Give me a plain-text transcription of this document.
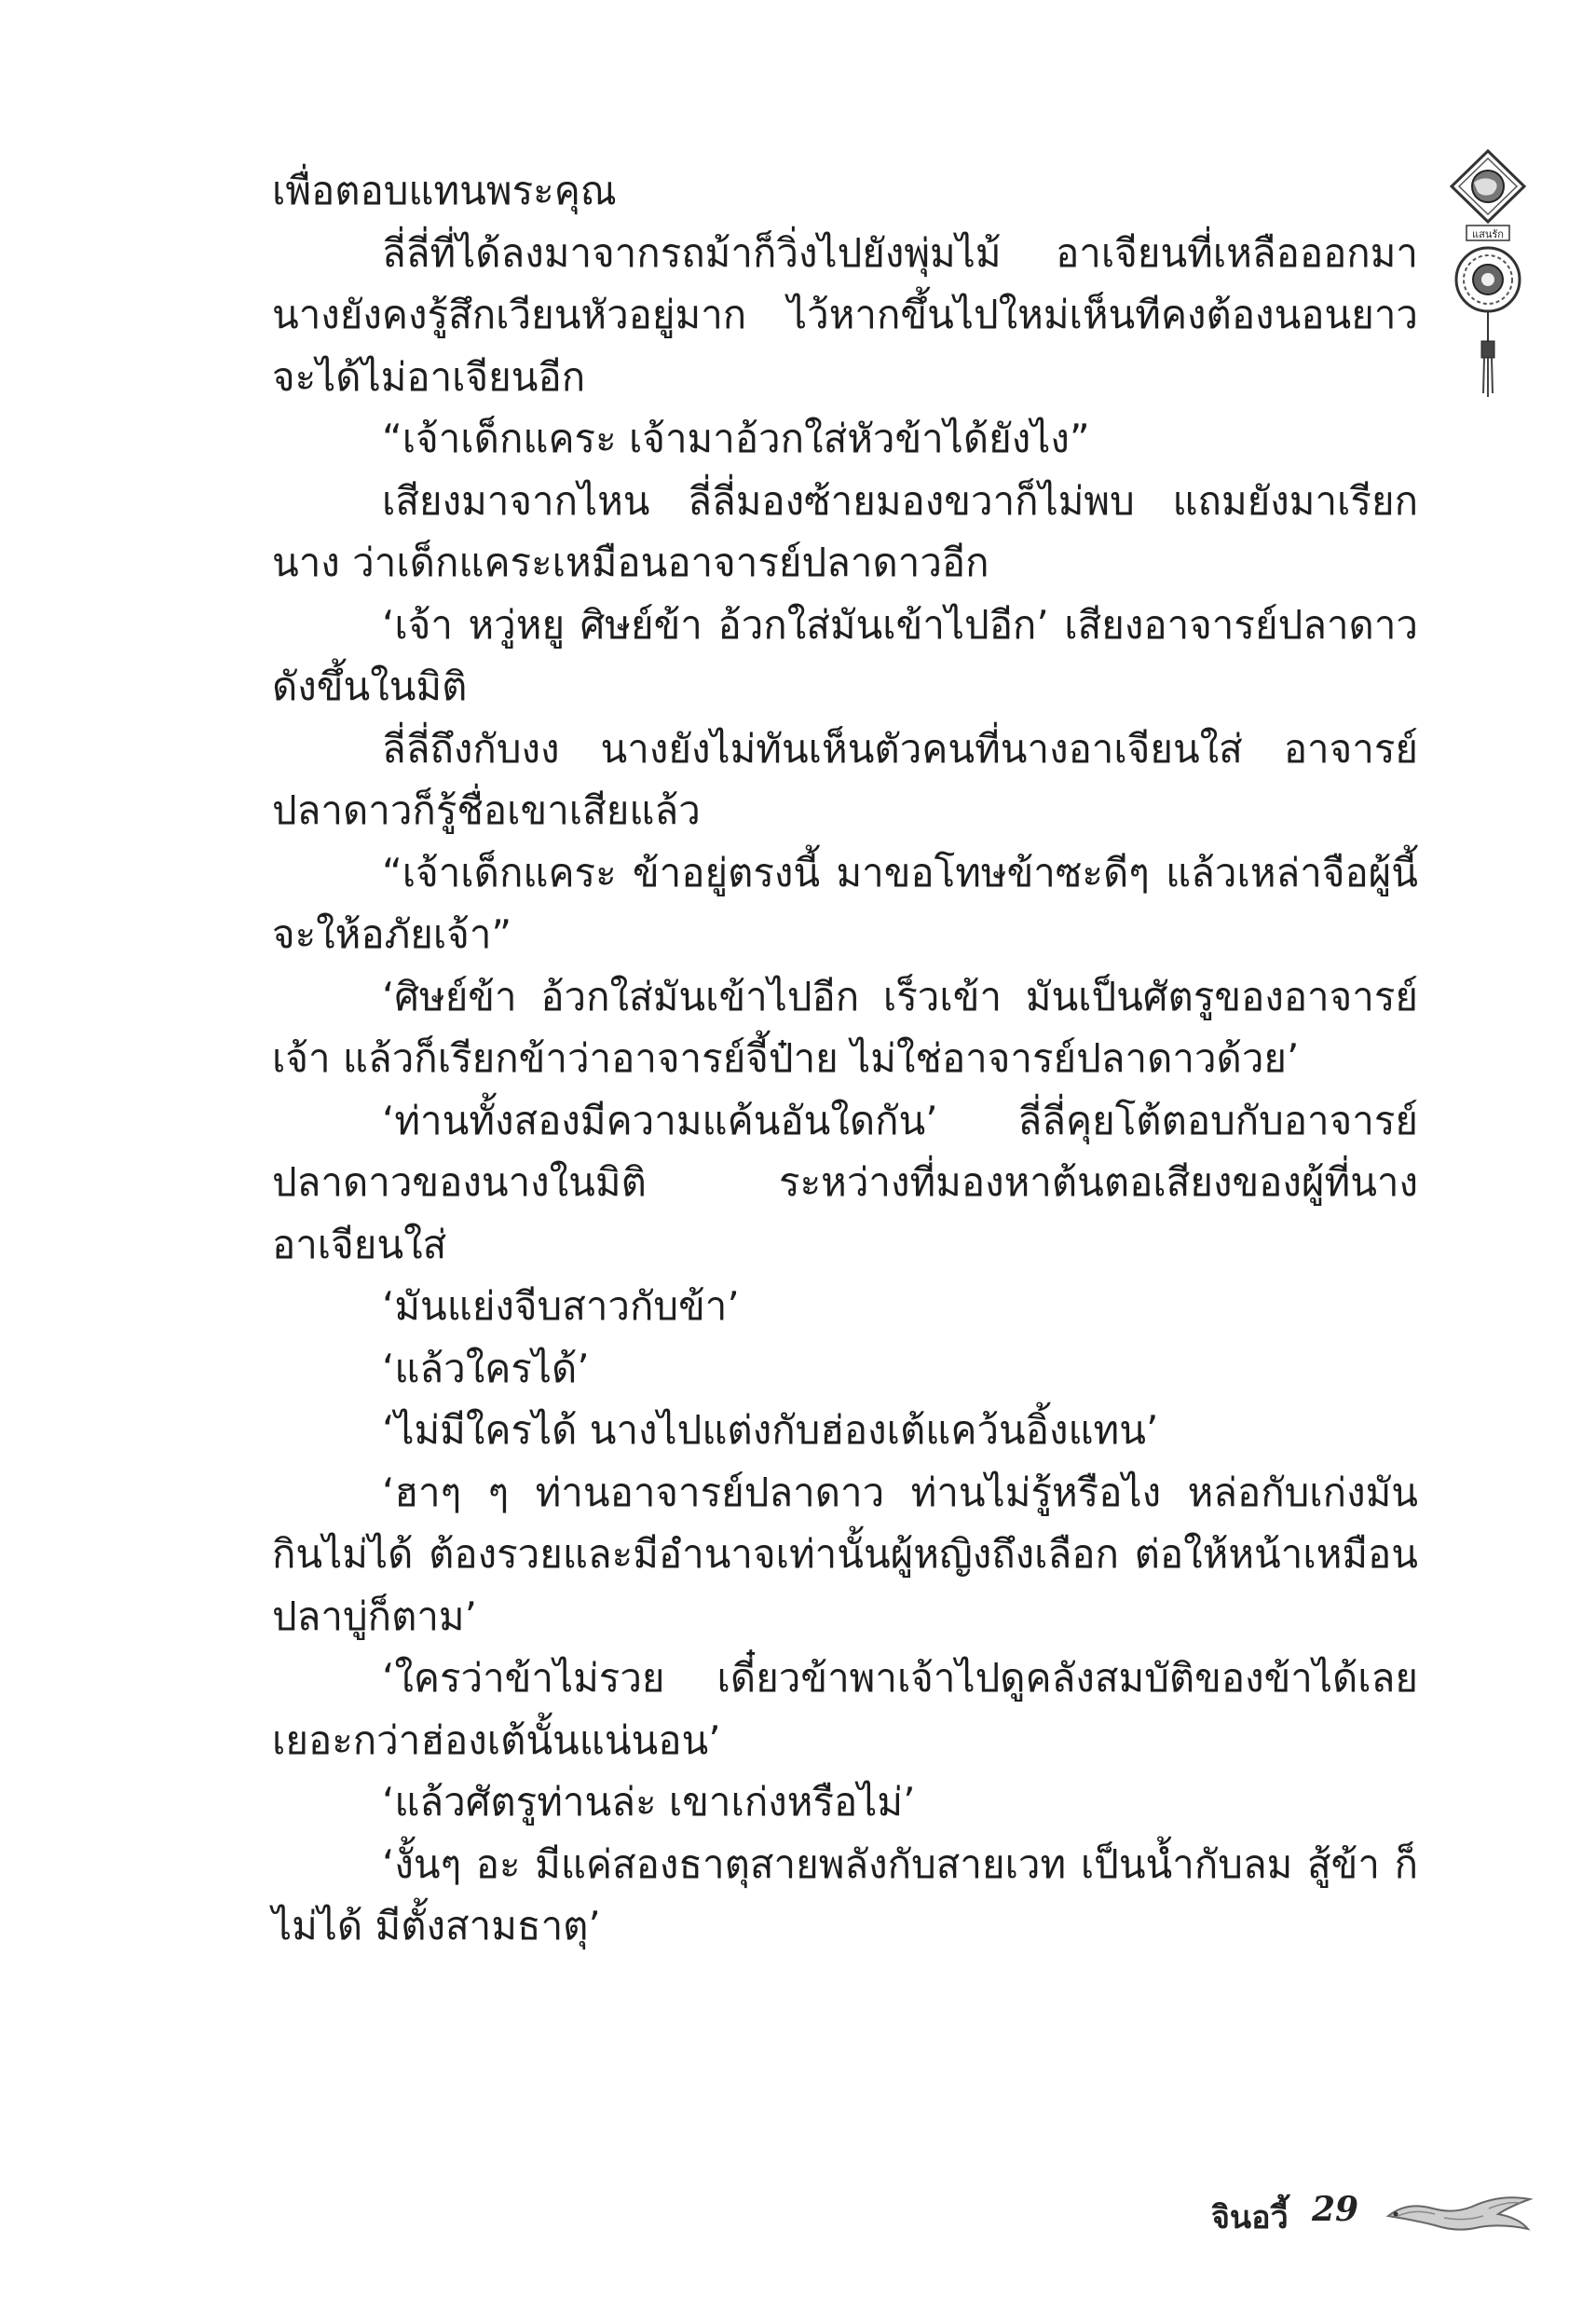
เพื่อตอบแทนพระคุณ

ลี่ลี่ที่ได้ลงมาจากรถม้าก็วิ่งไปยังพุ่มไม้ อาเจียนที่เหลือออกมา นางยังคงรู้สึกเวียนหัวอยู่มาก ไว้หากขึ้นไปใหม่เห็นทีคงต้องนอนยาว จะได้ไม่อาเจียนอีก

“เจ้าเด็กแคระ เจ้ามาอ้วกใส่หัวข้าได้ยังไง”

เสียงมาจากไหน ลี่ลี่มองซ้ายมองขวาก็ไม่พบ แถมยังมาเรียกนาง ว่าเด็กแคระเหมือนอาจารย์ปลาดาวอีก

‘เจ้า หวู่หยู ศิษย์ข้า อ้วกใส่มันเข้าไปอีก’ เสียงอาจารย์ปลาดาว ดังขึ้นในมิติ

ลี่ลี่ถึงกับงง นางยังไม่ทันเห็นตัวคนที่นางอาเจียนใส่ อาจารย์ ปลาดาวก็รู้ชื่อเขาเสียแล้ว

“เจ้าเด็กแคระ ข้าอยู่ตรงนี้ มาขอโทษข้าซะดีๆ แล้วเหล่าจือผู้นี้ จะให้อภัยเจ้า”

‘ศิษย์ข้า อ้วกใส่มันเข้าไปอีก เร็วเข้า มันเป็นศัตรูของอาจารย์เจ้า แล้วก็เรียกข้าว่าอาจารย์จี้ป๋าย ไม่ใช่อาจารย์ปลาดาวด้วย’

‘ท่านทั้งสองมีความแค้นอันใดกัน’ ลี่ลี่คุยโต้ตอบกับอาจารย์ ปลาดาวของนางในมิติ ระหว่างที่มองหาต้นตอเสียงของผู้ที่นางอาเจียนใส่

‘มันแย่งจีบสาวกับข้า’

‘แล้วใครได้’

‘ไม่มีใครได้ นางไปแต่งกับฮ่องเต้แคว้นอิ้งแทน’

‘ฮาๆ ๆ ท่านอาจารย์ปลาดาว ท่านไม่รู้หรือไง หล่อกับเก่งมัน กินไม่ได้ ต้องรวยและมีอำนาจเท่านั้นผู้หญิงถึงเลือก ต่อให้หน้าเหมือน ปลาบู่ก็ตาม’

‘ใครว่าข้าไม่รวย เดี๋ยวข้าพาเจ้าไปดูคลังสมบัติของข้าได้เลย เยอะกว่าฮ่องเต้นั้นแน่นอน’

‘แล้วศัตรูท่านล่ะ เขาเก่งหรือไม่’

‘งั้นๆ อะ มีแค่สองธาตุสายพลังกับสายเวท เป็นน้ำกับลม สู้ข้า ก็ไม่ได้ มีตั้งสามธาตุ’

แสนรัก
จินอวี้ 29
